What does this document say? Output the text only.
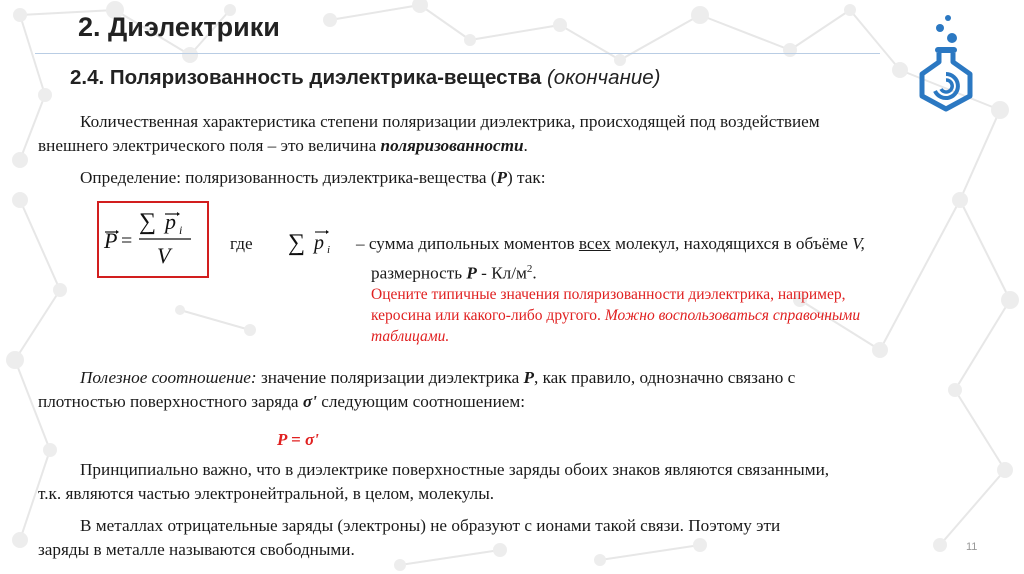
2. Диэлектрики
2.4. Поляризованность диэлектрика-вещества (окончание)
Количественная характеристика степени поляризации диэлектрика, происходящей под воздействием
внешнего электрического поля – это величина поляризованности.
Определение: поляризованность диэлектрика-вещества (P) так:
P =
∑ p i
V	где ∑ p i – сумма дипольных моментов всех молекул, находящихся в объёме V,
размерность P - $Кл/м^2$.
Оцените типичные значения поляризованности диэлектрика, например,
керосина или какого-либо другого. Можно воспользоваться справочными
таблицами.
Полезное соотношение: значение поляризации диэлектрика P, как правило, однозначно связано с
плотностью поверхностного заряда σ' следующим соотношением:
P = σ'
Принципиально важно, что в диэлектрике поверхностные заряды обоих знаков являются связанными,
т.к. являются частью электронейтральной, в целом, молекулы.
В металлах отрицательные заряды (электроны) не образуют с ионами такой связи. Поэтому эти
заряды в металле называются свободными.	11
